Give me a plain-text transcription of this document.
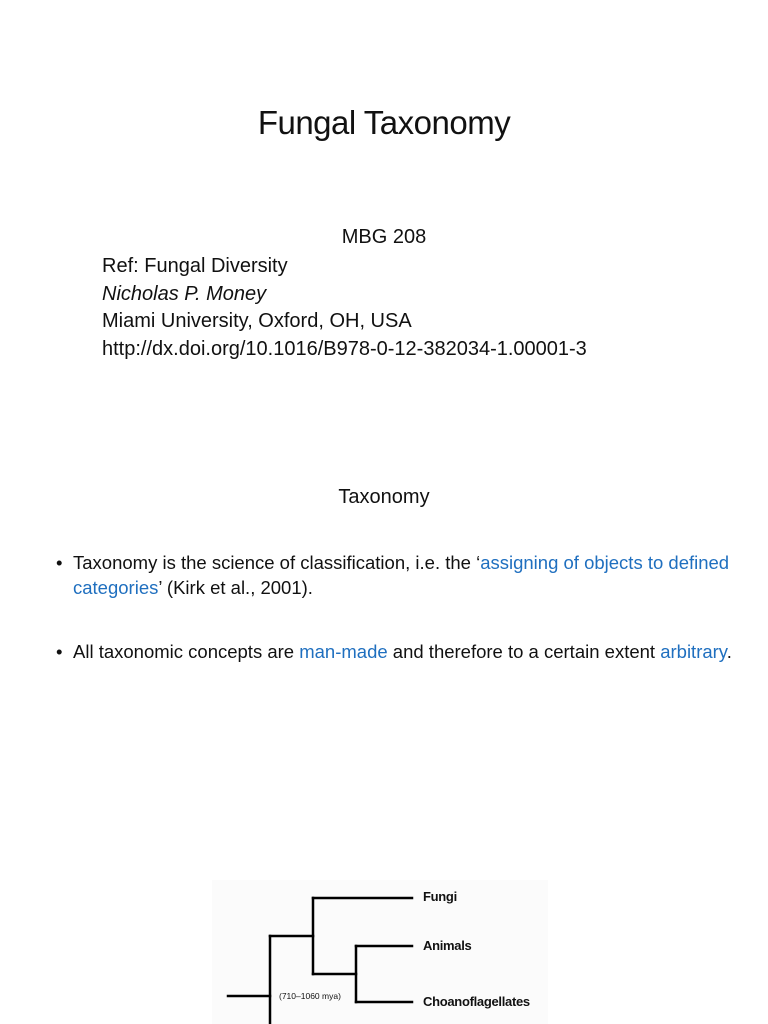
Fungal Taxonomy
MBG 208
Ref: Fungal Diversity
Nicholas P. Money
Miami University, Oxford, OH, USA
http://dx.doi.org/10.1016/B978-0-12-382034-1.00001-3
Taxonomy
• Taxonomy is the science of classification, i.e. the ‘assigning of objects to defined categories’ (Kirk et al., 2001).
• All taxonomic concepts are man-made and therefore to a certain extent arbitrary.
Fungi
Animals
Choanoflagellates
(710–1060 mya)
